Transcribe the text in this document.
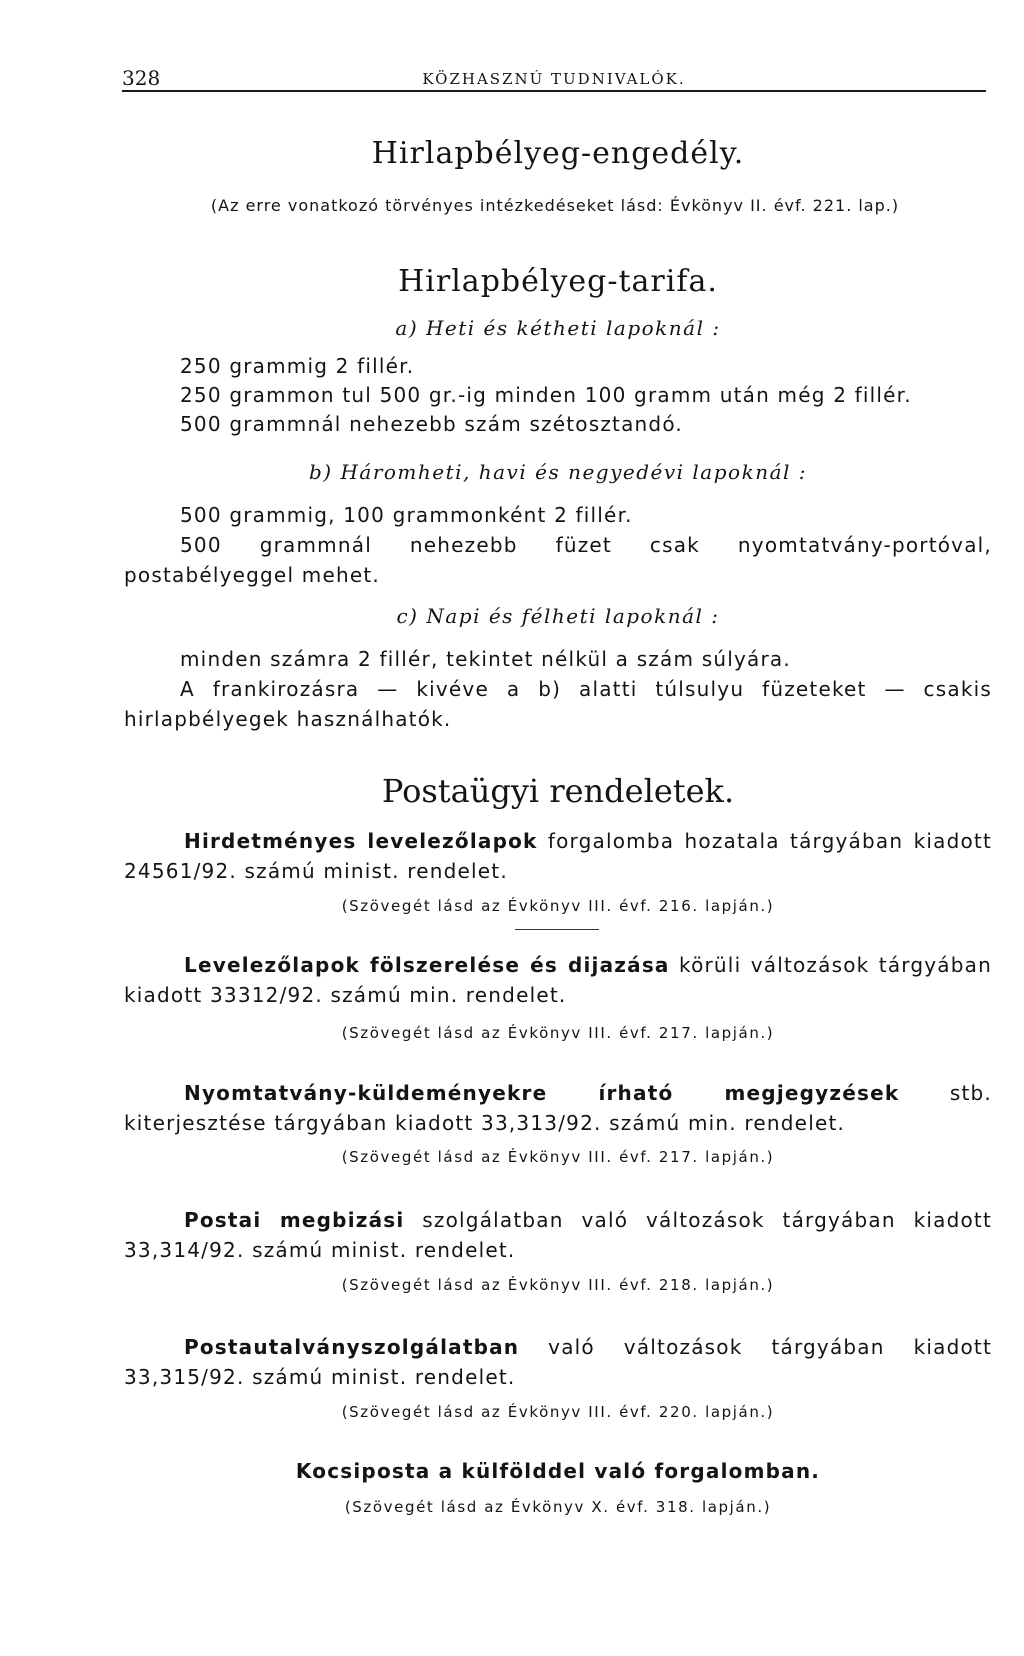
328	KÖZHASZNÚ TUDNIVALÓK.
Hirlapbélyeg-engedély.
(Az erre vonatkozó törvényes intézkedéseket lásd: Évkönyv II. évf. 221. lap.)
Hirlapbélyeg-tarifa.
a) Heti és kétheti lapoknál :
250 grammig 2 fillér.
250 grammon tul 500 gr.-ig minden 100 gramm után még 2 fillér.
500 grammnál nehezebb szám szétosztandó.
b) Háromheti, havi és negyedévi lapoknál :
500 grammig, 100 grammonként 2 fillér.
500 grammnál nehezebb füzet csak nyomtatvány-portóval, postabélyeggel mehet.
c) Napi és félheti lapoknál :
minden számra 2 fillér, tekintet nélkül a szám súlyára.
A frankirozásra — kivéve a b) alatti túlsulyu füzeteket — csakis hirlapbélyegek használhatók.
Postaügyi rendeletek.
Hirdetményes levelezőlapok forgalomba hozatala tárgyában kiadott 24561/92. számú minist. rendelet.
(Szövegét lásd az Évkönyv III. évf. 216. lapján.)
Levelezőlapok fölszerelése és dijazása körüli változások tárgyában kiadott 33312/92. számú min. rendelet.
(Szövegét lásd az Évkönyv III. évf. 217. lapján.)
Nyomtatvány-küldeményekre írható megjegyzések stb. kiterjesztése tárgyában kiadott 33,313/92. számú min. rendelet.
(Szövegét lásd az Évkönyv III. évf. 217. lapján.)
Postai megbizási szolgálatban való változások tárgyában kiadott 33,314/92. számú minist. rendelet.
(Szövegét lásd az Évkönyv III. évf. 218. lapján.)
Postautalványszolgálatban való változások tárgyában kiadott 33,315/92. számú minist. rendelet.
(Szövegét lásd az Évkönyv III. évf. 220. lapján.)
Kocsiposta a külfölddel való forgalomban.
(Szövegét lásd az Évkönyv X. évf. 318. lapján.)
